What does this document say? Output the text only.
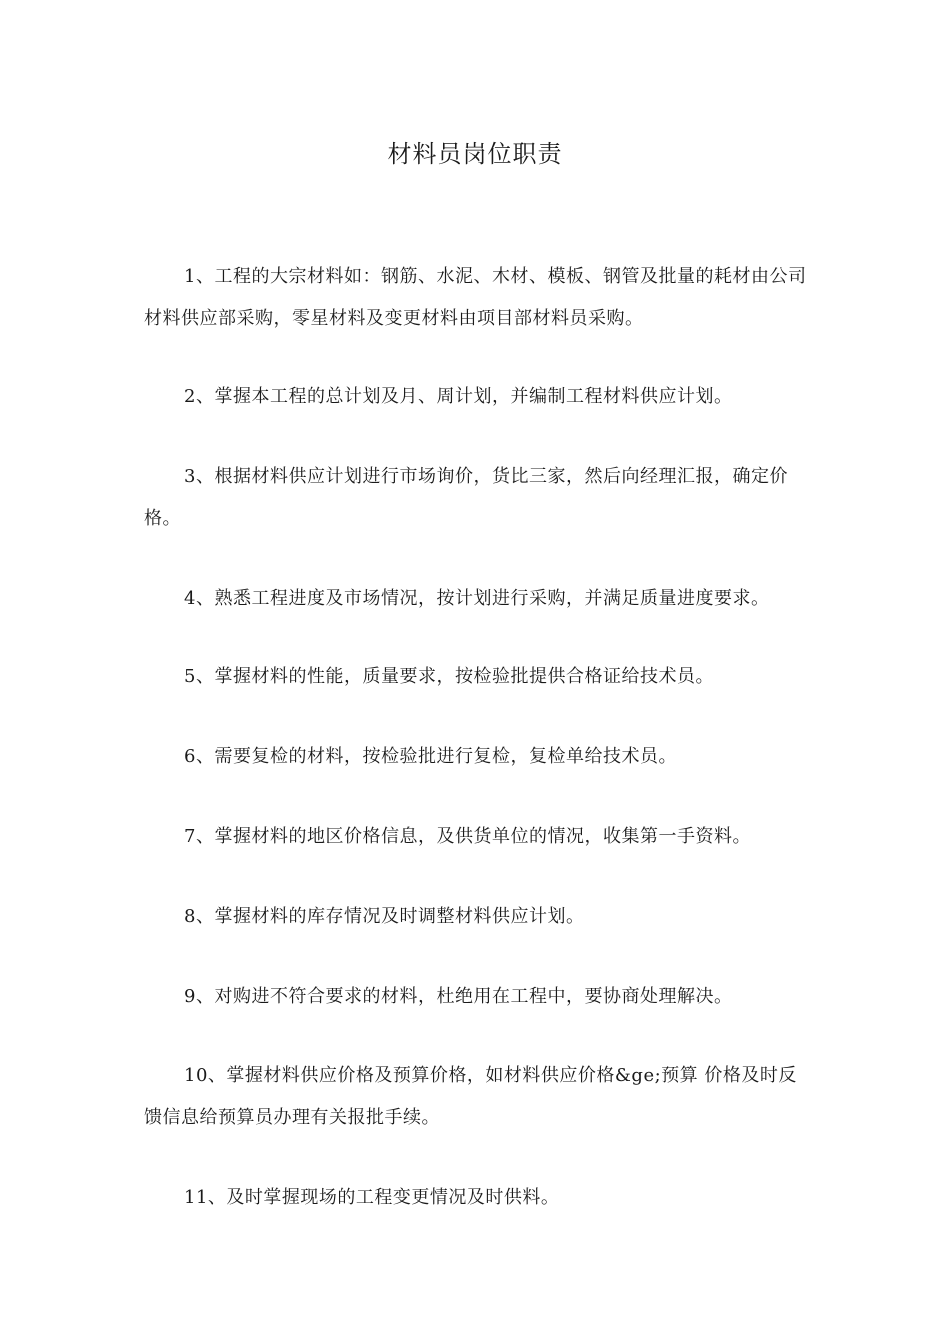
材料员岗位职责

1、工程的大宗材料如：钢筋、水泥、木材、模板、钢管及批量的耗材由公司材料供应部采购，零星材料及变更材料由项目部材料员采购。

2、掌握本工程的总计划及月、周计划，并编制工程材料供应计划。

3、根据材料供应计划进行市场询价，货比三家，然后向经理汇报，确定价格。

4、熟悉工程进度及市场情况，按计划进行采购，并满足质量进度要求。

5、掌握材料的性能，质量要求，按检验批提供合格证给技术员。

6、需要复检的材料，按检验批进行复检，复检单给技术员。

7、掌握材料的地区价格信息，及供货单位的情况，收集第一手资料。

8、掌握材料的库存情况及时调整材料供应计划。

9、对购进不符合要求的材料，杜绝用在工程中，要协商处理解决。

10、掌握材料供应价格及预算价格，如材料供应价格&ge;预算 价格及时反馈信息给预算员办理有关报批手续。

11、及时掌握现场的工程变更情况及时供料。
